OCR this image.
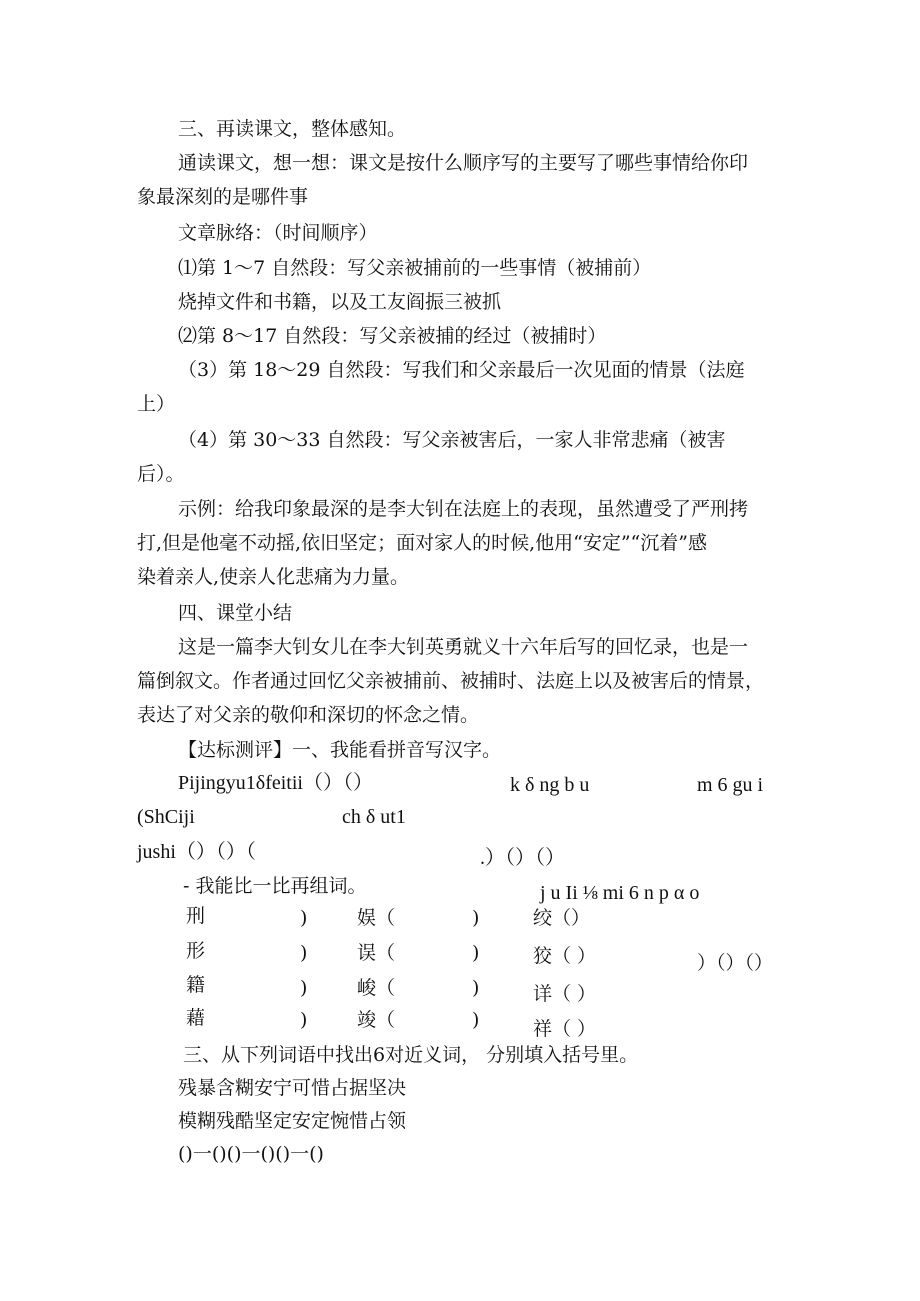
三、再读课文，整体感知。
通读课文，想一想：课文是按什么顺序写的主要写了哪些事情给你印
象最深刻的是哪件事
文章脉络：（时间顺序）
⑴第 1～7 自然段：写父亲被捕前的一些事情（被捕前）
烧掉文件和书籍，以及工友阎振三被抓
⑵第 8～17 自然段：写父亲被捕的经过（被捕时）
（3）第 18～29 自然段：写我们和父亲最后一次见面的情景（法庭
上）
（4）第 30～33 自然段：写父亲被害后，一家人非常悲痛（被害
后）。
示例：给我印象最深的是李大钊在法庭上的表现，虽然遭受了严刑拷
打,但是他毫不动摇,依旧坚定；面对家人的时候,他用“安定”“沉着”感
染着亲人,使亲人化悲痛为力量。
四、课堂小结
这是一篇李大钊女儿在李大钊英勇就义十六年后写的回忆录，也是一
篇倒叙文。作者通过回忆父亲被捕前、被捕时、法庭上以及被害后的情景，
表达了对父亲的敬仰和深切的怀念之情。
【达标测评】一、我能看拼音写汉字。
Pijingyu1δfeitii（）（）	k δ ng b u	m 6 gu i
(ShCiji	ch δ ut1
jushi（）（）（	.）（）（）
- 我能比一比再组词。	j u Ii ⅛ mi 6 n p α o
刑	)	娱（	)	绞（）
形	)	误（	)	狡（ ）
籍	)	峻（	)	详（ ）
藉	)	竣（	)	祥（ ）
）（）（）
三、从下列词语中找出6对近义词， 分别填入括号里。
残暴含糊安宁可惜占据坚决
模糊残酷坚定安定惋惜占领
()一()()一()()一()
